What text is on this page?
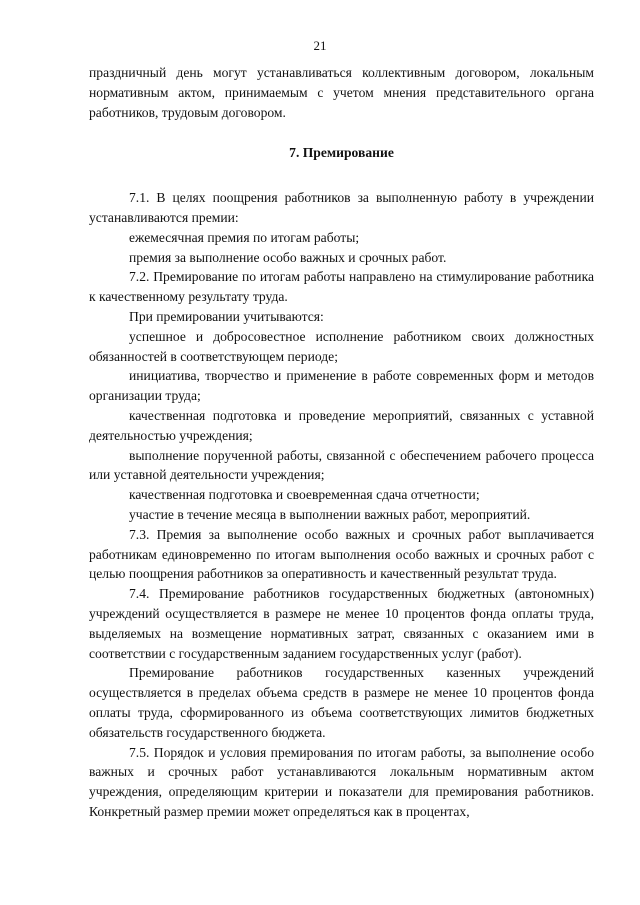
21

праздничный день могут устанавливаться коллективным договором, локальным нормативным актом, принимаемым с учетом мнения представительного органа работников, трудовым договором.

7. Премирование

7.1. В целях поощрения работников за выполненную работу в учреждении устанавливаются премии:

ежемесячная премия по итогам работы;

премия за выполнение особо важных и срочных работ.

7.2. Премирование по итогам работы направлено на стимулирование работника к качественному результату труда.

При премировании учитываются:

успешное и добросовестное исполнение работником своих должностных обязанностей в соответствующем периоде;

инициатива, творчество и применение в работе современных форм и методов организации труда;

качественная подготовка и проведение мероприятий, связанных с уставной деятельностью учреждения;

выполнение порученной работы, связанной с обеспечением рабочего процесса или уставной деятельности учреждения;

качественная подготовка и своевременная сдача отчетности;

участие в течение месяца в выполнении важных работ, мероприятий.

7.3. Премия за выполнение особо важных и срочных работ выплачивается работникам единовременно по итогам выполнения особо важных и срочных работ с целью поощрения работников за оперативность и качественный результат труда.

7.4. Премирование работников государственных бюджетных (автономных) учреждений осуществляется в размере не менее 10 процентов фонда оплаты труда, выделяемых на возмещение нормативных затрат, связанных с оказанием ими в соответствии с государственным заданием государственных услуг (работ).

Премирование работников государственных казенных учреждений осуществляется в пределах объема средств в размере не менее 10 процентов фонда оплаты труда, сформированного из объема соответствующих лимитов бюджетных обязательств государственного бюджета.

7.5. Порядок и условия премирования по итогам работы, за выполнение особо важных и срочных работ устанавливаются локальным нормативным актом учреждения, определяющим критерии и показатели для премирования работников. Конкретный размер премии может определяться как в процентах,
